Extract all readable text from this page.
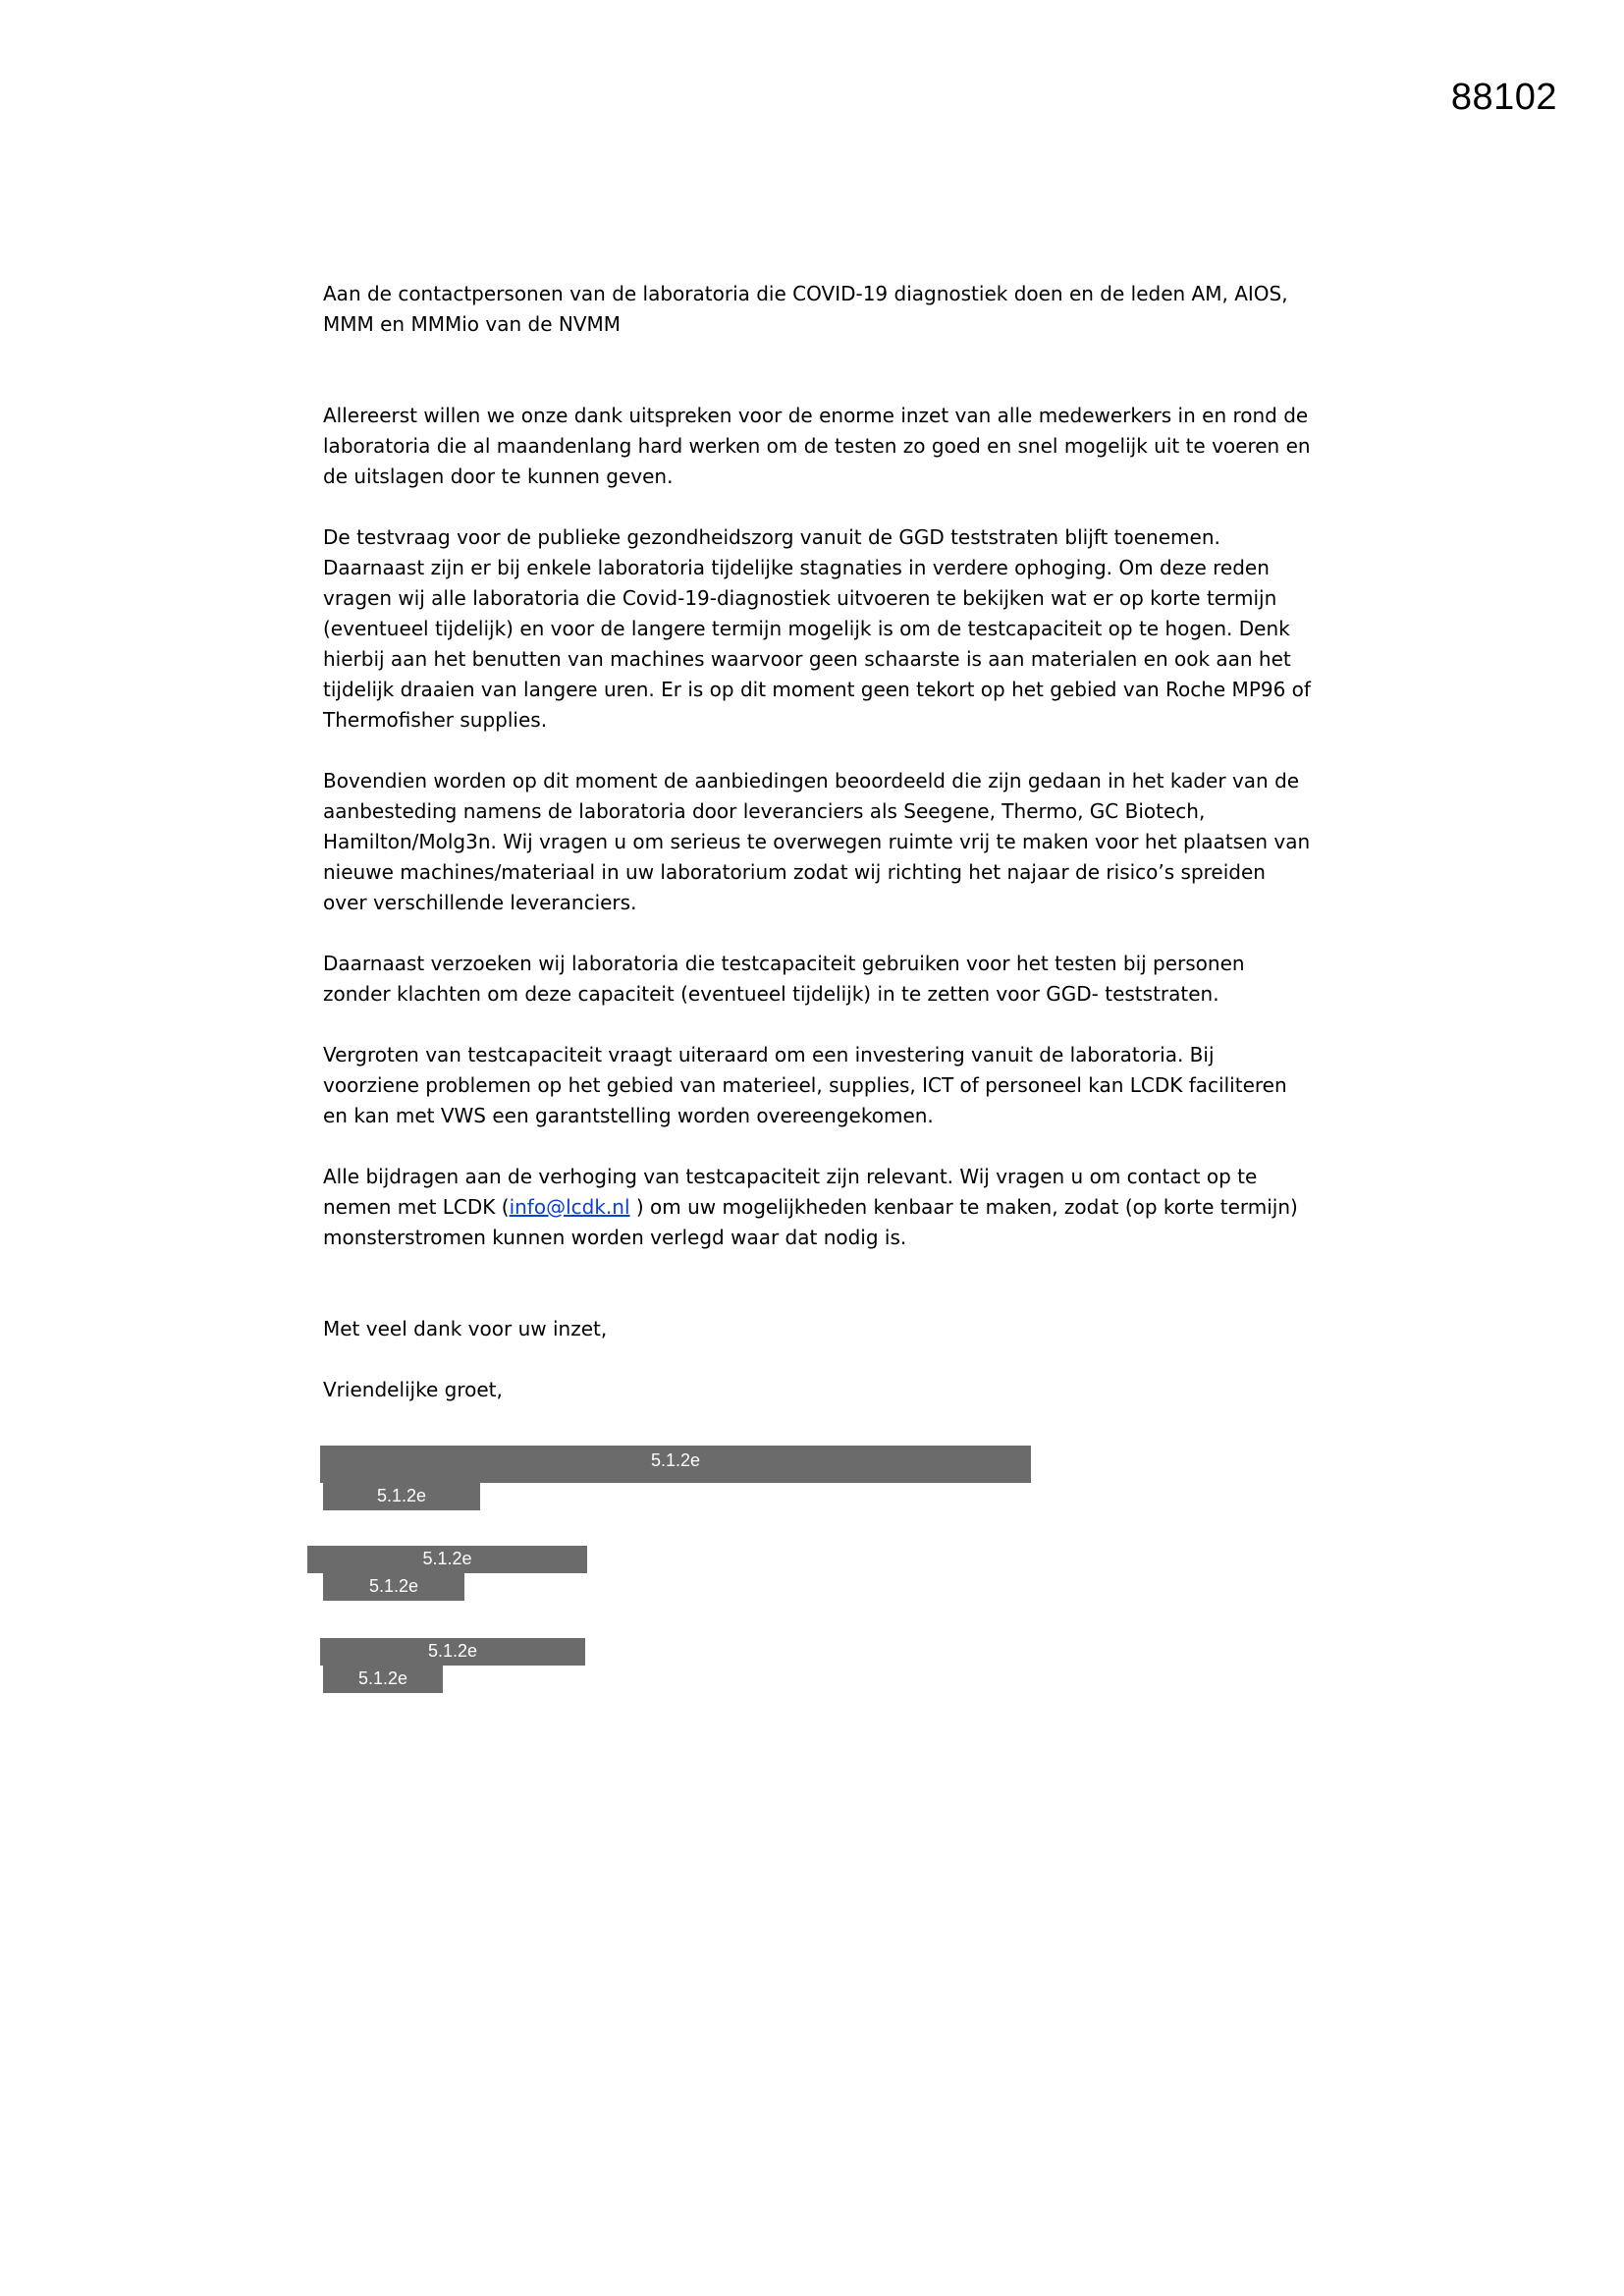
88102

Aan de contactpersonen van de laboratoria die COVID-19 diagnostiek doen en de leden AM, AIOS, MMM en MMMio van de NVMM

Allereerst willen we onze dank uitspreken voor de enorme inzet van alle medewerkers in en rond de laboratoria die al maandenlang hard werken om de testen zo goed en snel mogelijk uit te voeren en de uitslagen door te kunnen geven.

De testvraag voor de publieke gezondheidszorg vanuit de GGD teststraten blijft toenemen. Daarnaast zijn er bij enkele laboratoria tijdelijke stagnaties in verdere ophoging. Om deze reden vragen wij alle laboratoria die Covid-19-diagnostiek uitvoeren te bekijken wat er op korte termijn (eventueel tijdelijk) en voor de langere termijn mogelijk is om de testcapaciteit op te hogen. Denk hierbij aan het benutten van machines waarvoor geen schaarste is aan materialen en ook aan het tijdelijk draaien van langere uren. Er is op dit moment geen tekort op het gebied van Roche MP96 of Thermofisher supplies.

Bovendien worden op dit moment de aanbiedingen beoordeeld die zijn gedaan in het kader van de aanbesteding namens de laboratoria door leveranciers als Seegene, Thermo, GC Biotech, Hamilton/Molg3n. Wij vragen u om serieus te overwegen ruimte vrij te maken voor het plaatsen van nieuwe machines/materiaal in uw laboratorium zodat wij richting het najaar de risico’s spreiden over verschillende leveranciers.

Daarnaast verzoeken wij laboratoria die testcapaciteit gebruiken voor het testen bij personen zonder klachten om deze capaciteit (eventueel tijdelijk) in te zetten voor GGD- teststraten.

Vergroten van testcapaciteit vraagt uiteraard om een investering vanuit de laboratoria. Bij voorziene problemen op het gebied van materieel, supplies, ICT of personeel kan LCDK faciliteren en kan met VWS een garantstelling worden overeengekomen.

Alle bijdragen aan de verhoging van testcapaciteit zijn relevant. Wij vragen u om contact op te nemen met LCDK (info@lcdk.nl ) om uw mogelijkheden kenbaar te maken, zodat (op korte termijn) monsterstromen kunnen worden verlegd waar dat nodig is.

Met veel dank voor uw inzet,

Vriendelijke groet,

5.1.2e
5.1.2e
5.1.2e
5.1.2e
5.1.2e
5.1.2e
